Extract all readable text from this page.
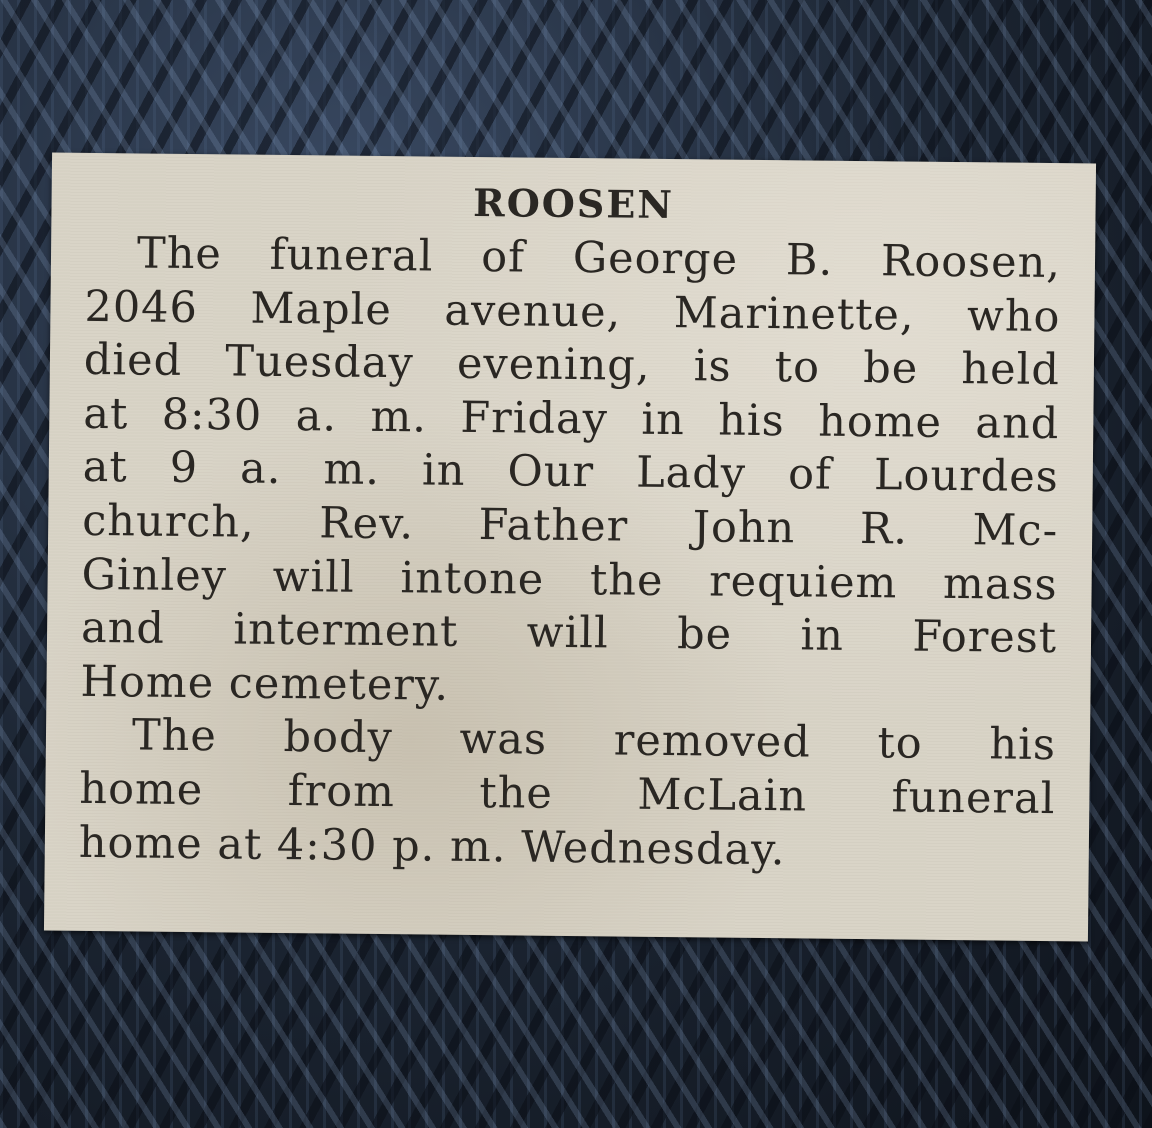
ROOSEN
The funeral of George B. Roosen,
2046 Maple avenue, Marinette, who
died Tuesday evening, is to be held
at 8:30 a. m. Friday in his home and
at 9 a. m. in Our Lady of Lourdes
church, Rev. Father John R. Mc-
Ginley will intone the requiem mass
and interment will be in Forest
Home cemetery.
The body was removed to his
home from the McLain funeral
home at 4:30 p. m. Wednesday.
